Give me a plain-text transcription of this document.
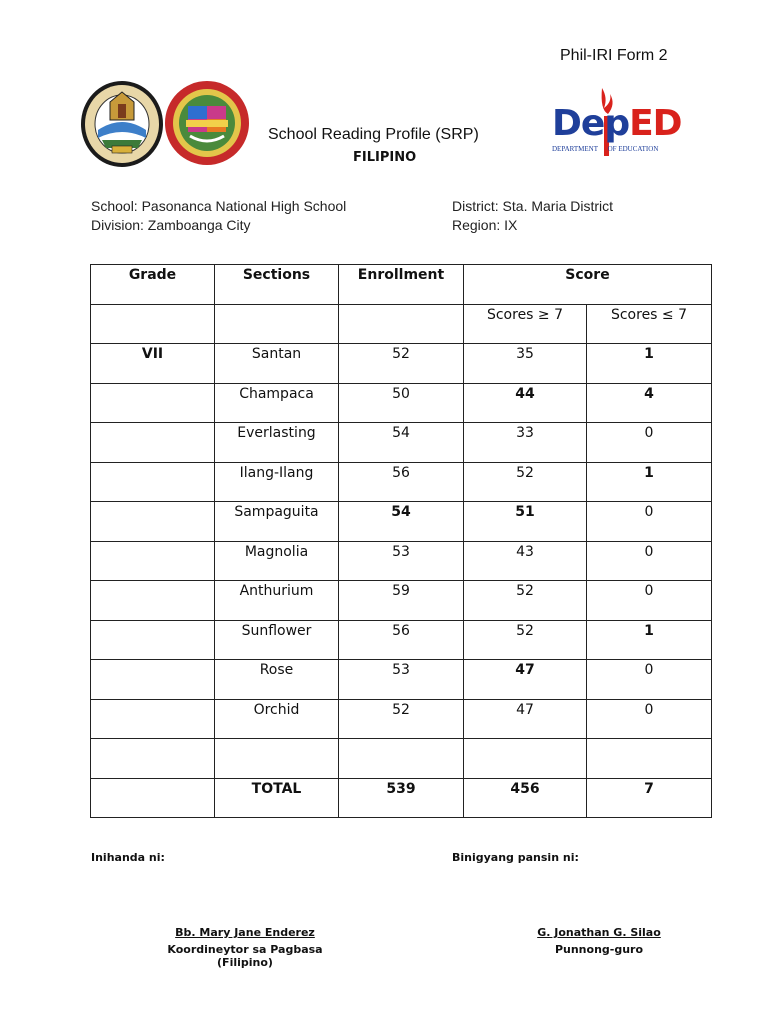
Phil-IRI Form 2
School Reading Profile (SRP)
FILIPINO
DepED
DEPARTMENT OF EDUCATION
School: Pasonanca National High School
Division: Zamboanga City
District: Sta. Maria District
Region: IX
Grade	Sections	Enrollment	Score	
			Scores ≥ 7	Scores ≤ 7
VII	Santan	52	35	1
	Champaca	50	44	4
	Everlasting	54	33	0
	Ilang-Ilang	56	52	1
	Sampaguita	54	51	0
	Magnolia	53	43	0
	Anthurium	59	52	0
	Sunflower	56	52	1
	Rose	53	47	0
	Orchid	52	47	0

	TOTAL	539	456	7
Inihanda ni:	Binigyang pansin ni:
Bb. Mary Jane Enderez
Koordineytor sa Pagbasa (Filipino)
G. Jonathan G. Silao
Punnong-guro
